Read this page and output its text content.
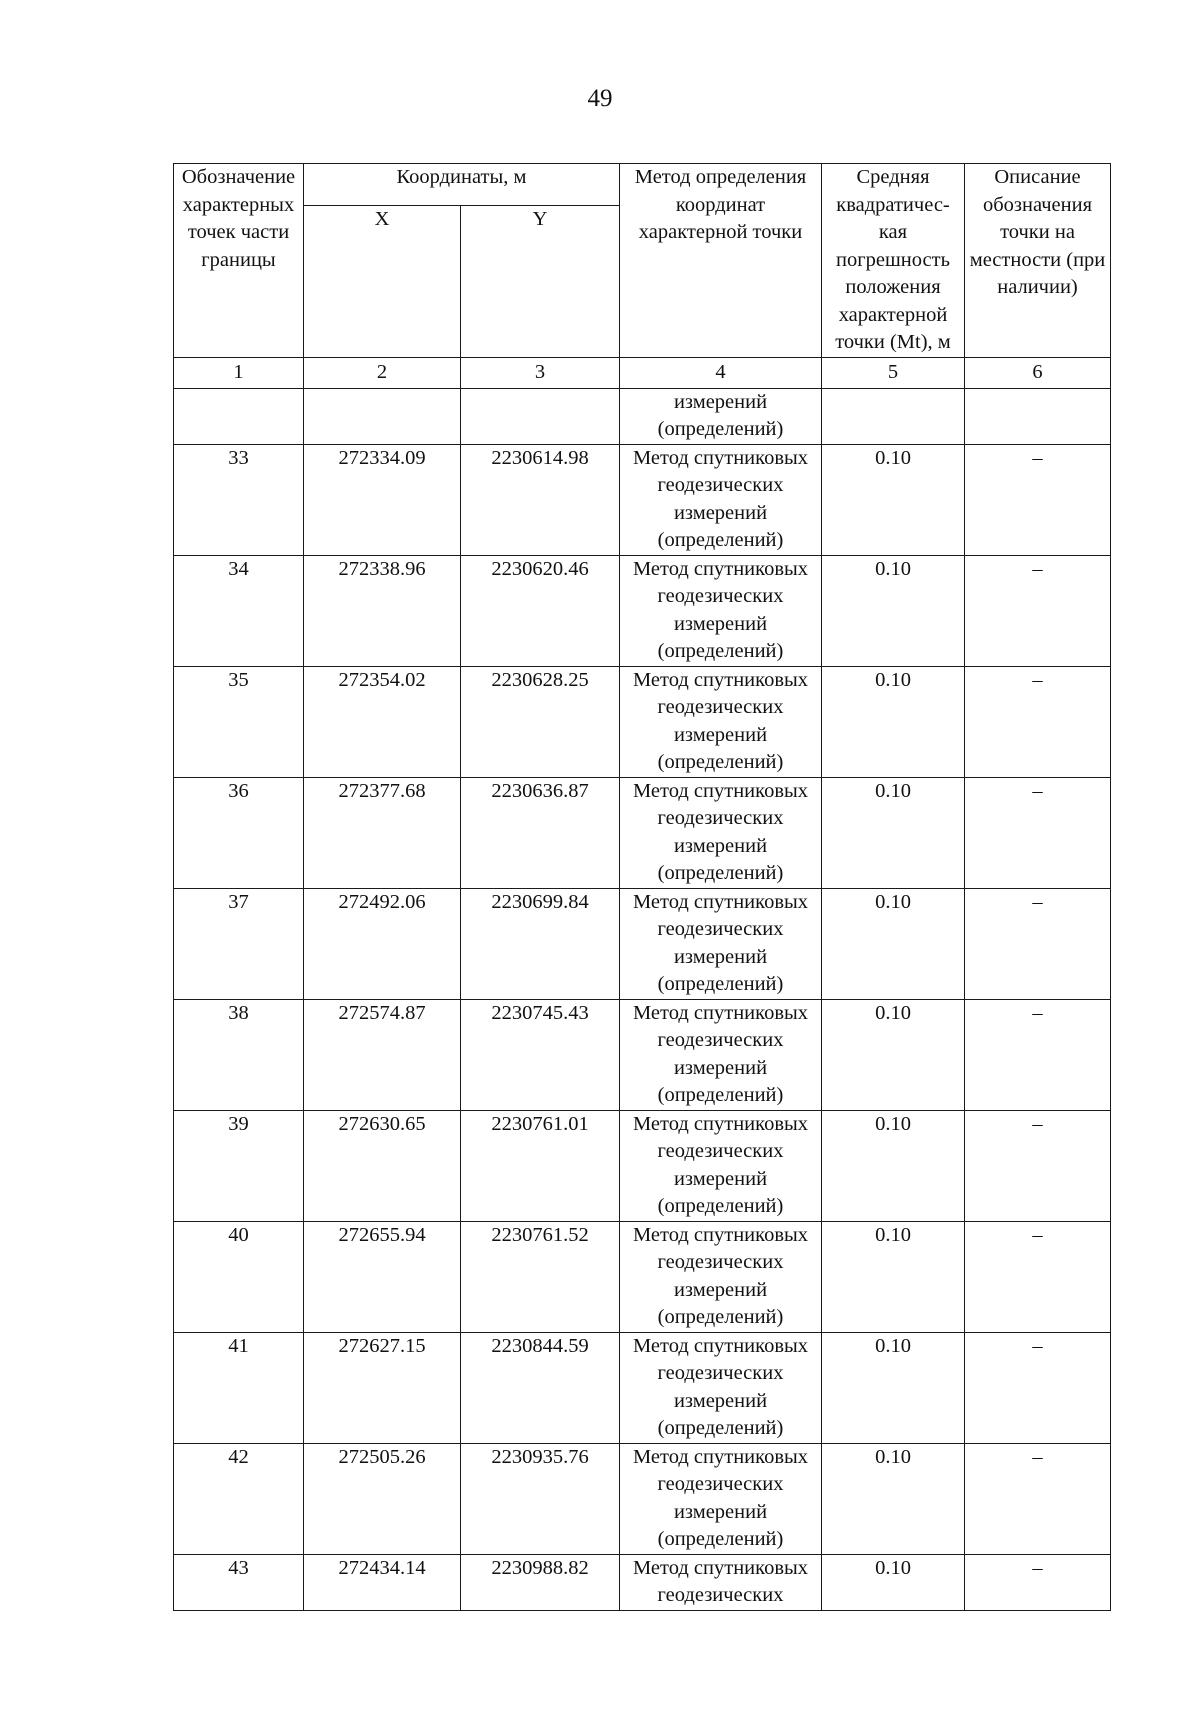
49
Обозначение характерных точек части границы	Координаты, м		Метод определения координат характерной точки	Средняя квадратичес-кая погрешность положения характерной точки (Mt), м	Описание обозначения точки на местности (при наличии)
	X	Y			
1	2	3	4	5	6
			измерений (определений)		
33	272334.09	2230614.98	Метод спутниковых геодезических измерений (определений)	0.10	–
34	272338.96	2230620.46	Метод спутниковых геодезических измерений (определений)	0.10	–
35	272354.02	2230628.25	Метод спутниковых геодезических измерений (определений)	0.10	–
36	272377.68	2230636.87	Метод спутниковых геодезических измерений (определений)	0.10	–
37	272492.06	2230699.84	Метод спутниковых геодезических измерений (определений)	0.10	–
38	272574.87	2230745.43	Метод спутниковых геодезических измерений (определений)	0.10	–
39	272630.65	2230761.01	Метод спутниковых геодезических измерений (определений)	0.10	–
40	272655.94	2230761.52	Метод спутниковых геодезических измерений (определений)	0.10	–
41	272627.15	2230844.59	Метод спутниковых геодезических измерений (определений)	0.10	–
42	272505.26	2230935.76	Метод спутниковых геодезических измерений (определений)	0.10	–
43	272434.14	2230988.82	Метод спутниковых геодезических	0.10	–
